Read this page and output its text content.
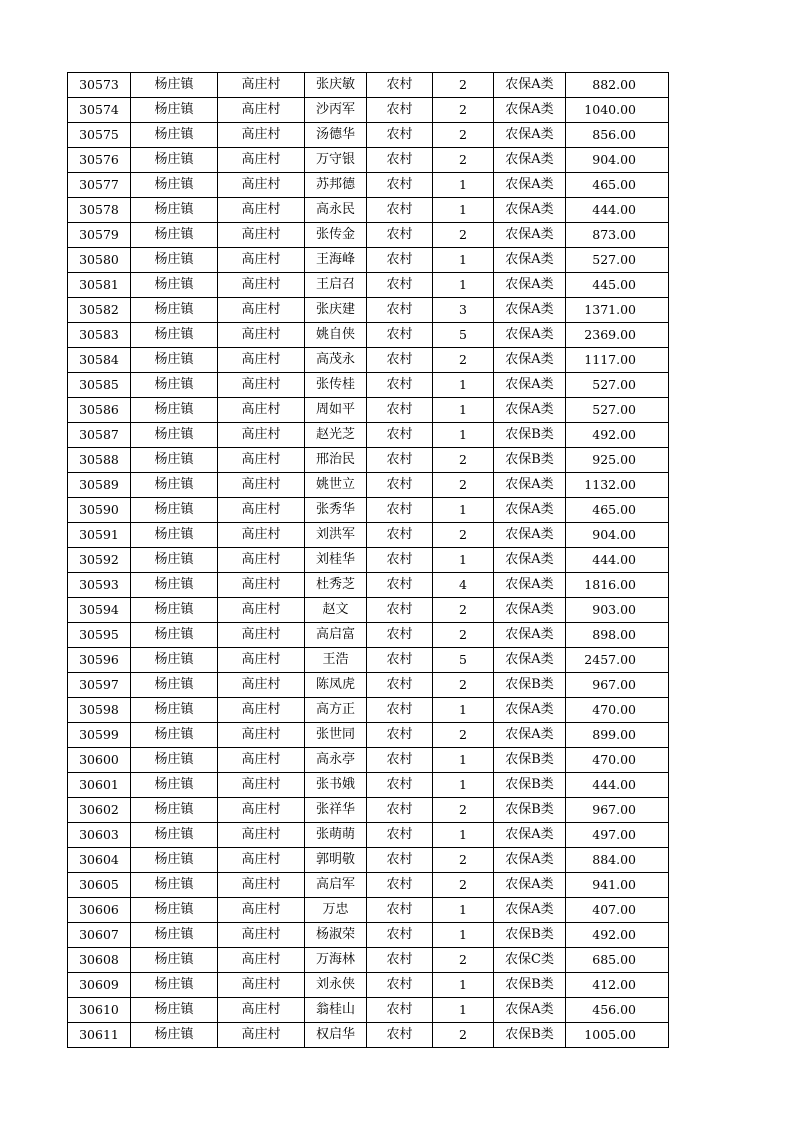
30573	杨庄镇	高庄村	张庆敏	农村	2	农保A类	882.00
30574	杨庄镇	高庄村	沙丙军	农村	2	农保A类	1040.00
30575	杨庄镇	高庄村	汤德华	农村	2	农保A类	856.00
30576	杨庄镇	高庄村	万守银	农村	2	农保A类	904.00
30577	杨庄镇	高庄村	苏邦德	农村	1	农保A类	465.00
30578	杨庄镇	高庄村	高永民	农村	1	农保A类	444.00
30579	杨庄镇	高庄村	张传金	农村	2	农保A类	873.00
30580	杨庄镇	高庄村	王海峰	农村	1	农保A类	527.00
30581	杨庄镇	高庄村	王启召	农村	1	农保A类	445.00
30582	杨庄镇	高庄村	张庆建	农村	3	农保A类	1371.00
30583	杨庄镇	高庄村	姚自侠	农村	5	农保A类	2369.00
30584	杨庄镇	高庄村	高茂永	农村	2	农保A类	1117.00
30585	杨庄镇	高庄村	张传桂	农村	1	农保A类	527.00
30586	杨庄镇	高庄村	周如平	农村	1	农保A类	527.00
30587	杨庄镇	高庄村	赵光芝	农村	1	农保B类	492.00
30588	杨庄镇	高庄村	邢治民	农村	2	农保B类	925.00
30589	杨庄镇	高庄村	姚世立	农村	2	农保A类	1132.00
30590	杨庄镇	高庄村	张秀华	农村	1	农保A类	465.00
30591	杨庄镇	高庄村	刘洪军	农村	2	农保A类	904.00
30592	杨庄镇	高庄村	刘桂华	农村	1	农保A类	444.00
30593	杨庄镇	高庄村	杜秀芝	农村	4	农保A类	1816.00
30594	杨庄镇	高庄村	赵文	农村	2	农保A类	903.00
30595	杨庄镇	高庄村	高启富	农村	2	农保A类	898.00
30596	杨庄镇	高庄村	王浩	农村	5	农保A类	2457.00
30597	杨庄镇	高庄村	陈凤虎	农村	2	农保B类	967.00
30598	杨庄镇	高庄村	高方正	农村	1	农保A类	470.00
30599	杨庄镇	高庄村	张世同	农村	2	农保A类	899.00
30600	杨庄镇	高庄村	高永亭	农村	1	农保B类	470.00
30601	杨庄镇	高庄村	张书娥	农村	1	农保B类	444.00
30602	杨庄镇	高庄村	张祥华	农村	2	农保B类	967.00
30603	杨庄镇	高庄村	张萌萌	农村	1	农保A类	497.00
30604	杨庄镇	高庄村	郭明敬	农村	2	农保A类	884.00
30605	杨庄镇	高庄村	高启军	农村	2	农保A类	941.00
30606	杨庄镇	高庄村	万忠	农村	1	农保A类	407.00
30607	杨庄镇	高庄村	杨淑荣	农村	1	农保B类	492.00
30608	杨庄镇	高庄村	万海林	农村	2	农保C类	685.00
30609	杨庄镇	高庄村	刘永侠	农村	1	农保B类	412.00
30610	杨庄镇	高庄村	翁桂山	农村	1	农保A类	456.00
30611	杨庄镇	高庄村	权启华	农村	2	农保B类	1005.00
